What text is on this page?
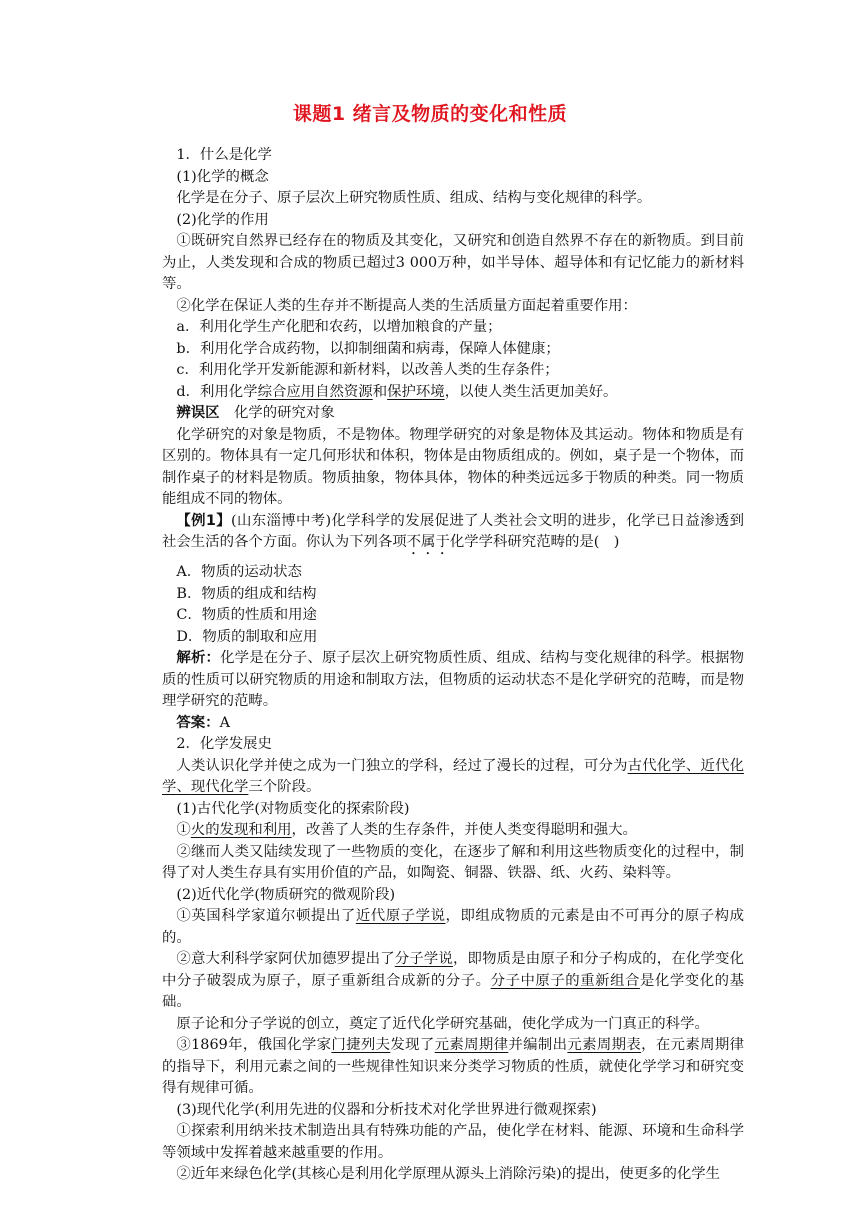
课题1 绪言及物质的变化和性质

1．什么是化学

(1)化学的概念

化学是在分子、原子层次上研究物质性质、组成、结构与变化规律的科学。

(2)化学的作用

①既研究自然界已经存在的物质及其变化，又研究和创造自然界不存在的新物质。到目前为止，人类发现和合成的物质已超过3 000万种，如半导体、超导体和有记忆能力的新材料等。

②化学在保证人类的生存并不断提高人类的生活质量方面起着重要作用：

a．利用化学生产化肥和农药，以增加粮食的产量；

b．利用化学合成药物，以抑制细菌和病毒，保障人体健康；

c．利用化学开发新能源和新材料，以改善人类的生存条件；

d．利用化学综合应用自然资源和保护环境，以使人类生活更加美好。

辨误区　化学的研究对象

化学研究的对象是物质，不是物体。物理学研究的对象是物体及其运动。物体和物质是有区别的。物体具有一定几何形状和体积，物体是由物质组成的。例如，桌子是一个物体，而制作桌子的材料是物质。物质抽象，物体具体，物体的种类远远多于物质的种类。同一物质能组成不同的物体。

【例1】(山东淄博中考)化学科学的发展促进了人类社会文明的进步，化学已日益渗透到社会生活的各个方面。你认为下列各项不属于化学学科研究范畴的是(　)

A．物质的运动状态

B．物质的组成和结构

C．物质的性质和用途

D．物质的制取和应用

解析：化学是在分子、原子层次上研究物质性质、组成、结构与变化规律的科学。根据物质的性质可以研究物质的用途和制取方法，但物质的运动状态不是化学研究的范畴，而是物理学研究的范畴。

答案：A

2．化学发展史

人类认识化学并使之成为一门独立的学科，经过了漫长的过程，可分为古代化学、近代化学、现代化学三个阶段。

(1)古代化学(对物质变化的探索阶段)

①火的发现和利用，改善了人类的生存条件，并使人类变得聪明和强大。

②继而人类又陆续发现了一些物质的变化，在逐步了解和利用这些物质变化的过程中，制得了对人类生存具有实用价值的产品，如陶瓷、铜器、铁器、纸、火药、染料等。

(2)近代化学(物质研究的微观阶段)

①英国科学家道尔顿提出了近代原子学说，即组成物质的元素是由不可再分的原子构成的。

②意大利科学家阿伏加德罗提出了分子学说，即物质是由原子和分子构成的，在化学变化中分子破裂成为原子，原子重新组合成新的分子。分子中原子的重新组合是化学变化的基础。

原子论和分子学说的创立，奠定了近代化学研究基础，使化学成为一门真正的科学。

③1869年，俄国化学家门捷列夫发现了元素周期律并编制出元素周期表，在元素周期律的指导下，利用元素之间的一些规律性知识来分类学习物质的性质，就使化学学习和研究变得有规律可循。

(3)现代化学(利用先进的仪器和分析技术对化学世界进行微观探索)

①探索利用纳米技术制造出具有特殊功能的产品，使化学在材料、能源、环境和生命科学等领域中发挥着越来越重要的作用。

②近年来绿色化学(其核心是利用化学原理从源头上消除污染)的提出，使更多的化学生
